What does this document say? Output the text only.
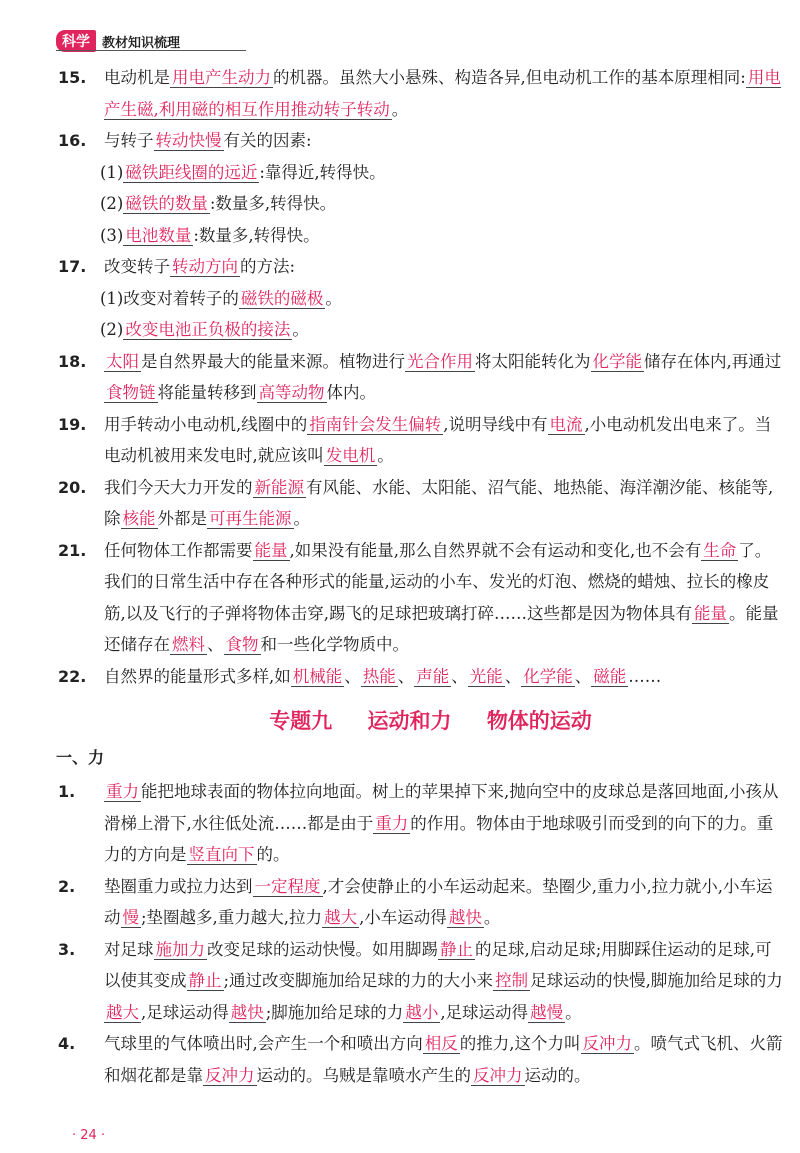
科学 教材知识梳理
15. 电动机是 用电产生动力 的机器。虽然大小悬殊、构造各异,但电动机工作的基本原理相同: 用电产生磁,利用磁的相互作用推动转子转动 。
16. 与转子 转动快慢 有关的因素:
(1) 磁铁距线圈的远近 :靠得近,转得快。
(2) 磁铁的数量 :数量多,转得快。
(3) 电池数量 :数量多,转得快。
17. 改变转子 转动方向 的方法:
(1)改变对着转子的 磁铁的磁极 。
(2) 改变电池正负极的接法 。
18. 太阳 是自然界最大的能量来源。植物进行 光合作用 将太阳能转化为 化学能 储存在体内,再通过食物链 将能量转移到 高等动物 体内。
19. 用手转动小电动机,线圈中的 指南针会发生偏转 ,说明导线中有 电流 ,小电动机发出电来了。当电动机被用来发电时,就应该叫 发电机 。
20. 我们今天大力开发的 新能源 有风能、水能、太阳能、沼气能、地热能、海洋潮汐能、核能等,除 核能 外都是 可再生能源 。
21. 任何物体工作都需要 能量 ,如果没有能量,那么自然界就不会有运动和变化,也不会有 生命 了。我们的日常生活中存在各种形式的能量,运动的小车、发光的灯泡、燃烧的蜡烛、拉长的橡皮筋,以及飞行的子弹将物体击穿,踢飞的足球把玻璃打碎……这些都是因为物体具有 能量 。能量还储存在 燃料 、 食物 和一些化学物质中。
22. 自然界的能量形式多样,如 机械能 、 热能 、 声能 、 光能 、 化学能 、 磁能 ……
专题九 运动和力 物体的运动
一、力
1. 重力 能把地球表面的物体拉向地面。树上的苹果掉下来,抛向空中的皮球总是落回地面,小孩从滑梯上滑下,水往低处流……都是由于 重力 的作用。物体由于地球吸引而受到的向下的力。重力的方向是 竖直向下 的。
2. 垫圈重力或拉力达到 一定程度 ,才会使静止的小车运动起来。垫圈少,重力小,拉力就小,小车运动 慢 ;垫圈越多,重力越大,拉力 越大 ,小车运动得 越快 。
3. 对足球 施加力 改变足球的运动快慢。如用脚踢 静止 的足球,启动足球;用脚踩住运动的足球,可以使其变成 静止 ;通过改变脚施加给足球的力的大小来 控制 足球运动的快慢,脚施加给足球的力越大 ,足球运动得 越快 ;脚施加给足球的力 越小 ,足球运动得 越慢 。
4. 气球里的气体喷出时,会产生一个和喷出方向 相反 的推力,这个力叫 反冲力 。喷气式飞机、火箭和烟花都是靠 反冲力 运动的。乌贼是靠喷水产生的 反冲力 运动的。
· 24 ·
